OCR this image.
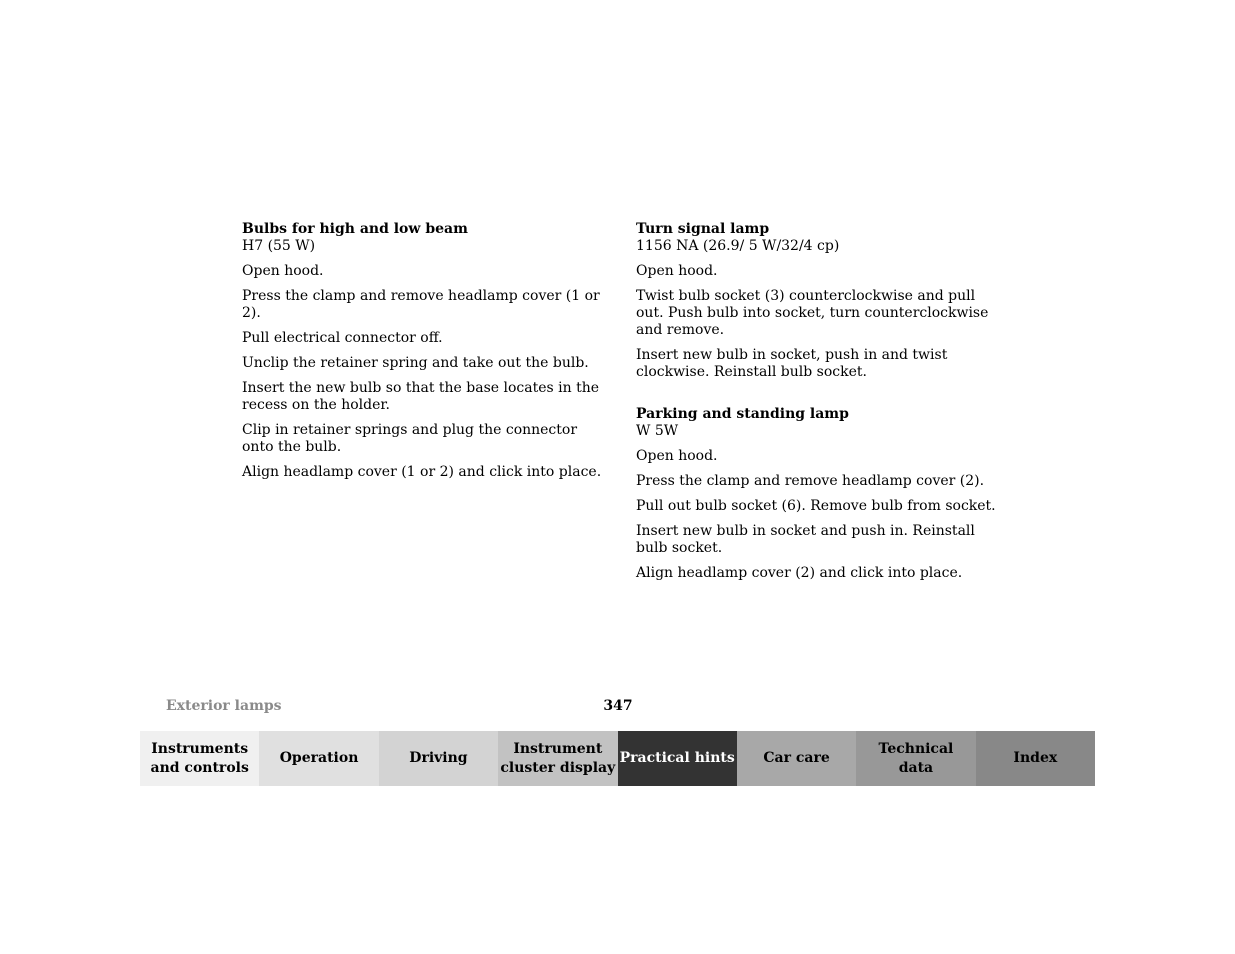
Bulbs for high and low beam

H7 (55 W)

Open hood.

Press the clamp and remove headlamp cover (1 or 2).

Pull electrical connector off.

Unclip the retainer spring and take out the bulb.

Insert the new bulb so that the base locates in the recess on the holder.

Clip in retainer springs and plug the connector onto the bulb.

Align headlamp cover (1 or 2) and click into place.

Turn signal lamp

1156 NA (26.9/ 5 W/32/4 cp)

Open hood.

Twist bulb socket (3) counterclockwise and pull out. Push bulb into socket, turn counterclockwise and remove.

Insert new bulb in socket, push in and twist clockwise. Reinstall bulb socket.

Parking and standing lamp

W 5W

Open hood.

Press the clamp and remove headlamp cover (2).

Pull out bulb socket (6). Remove bulb from socket.

Insert new bulb in socket and push in. Reinstall bulb socket.

Align headlamp cover (2) and click into place.

Exterior lamps	347
Instruments
and controls
Operation	Driving
Instrument
cluster display
Practical hints	Car care
Technical
data
Index
